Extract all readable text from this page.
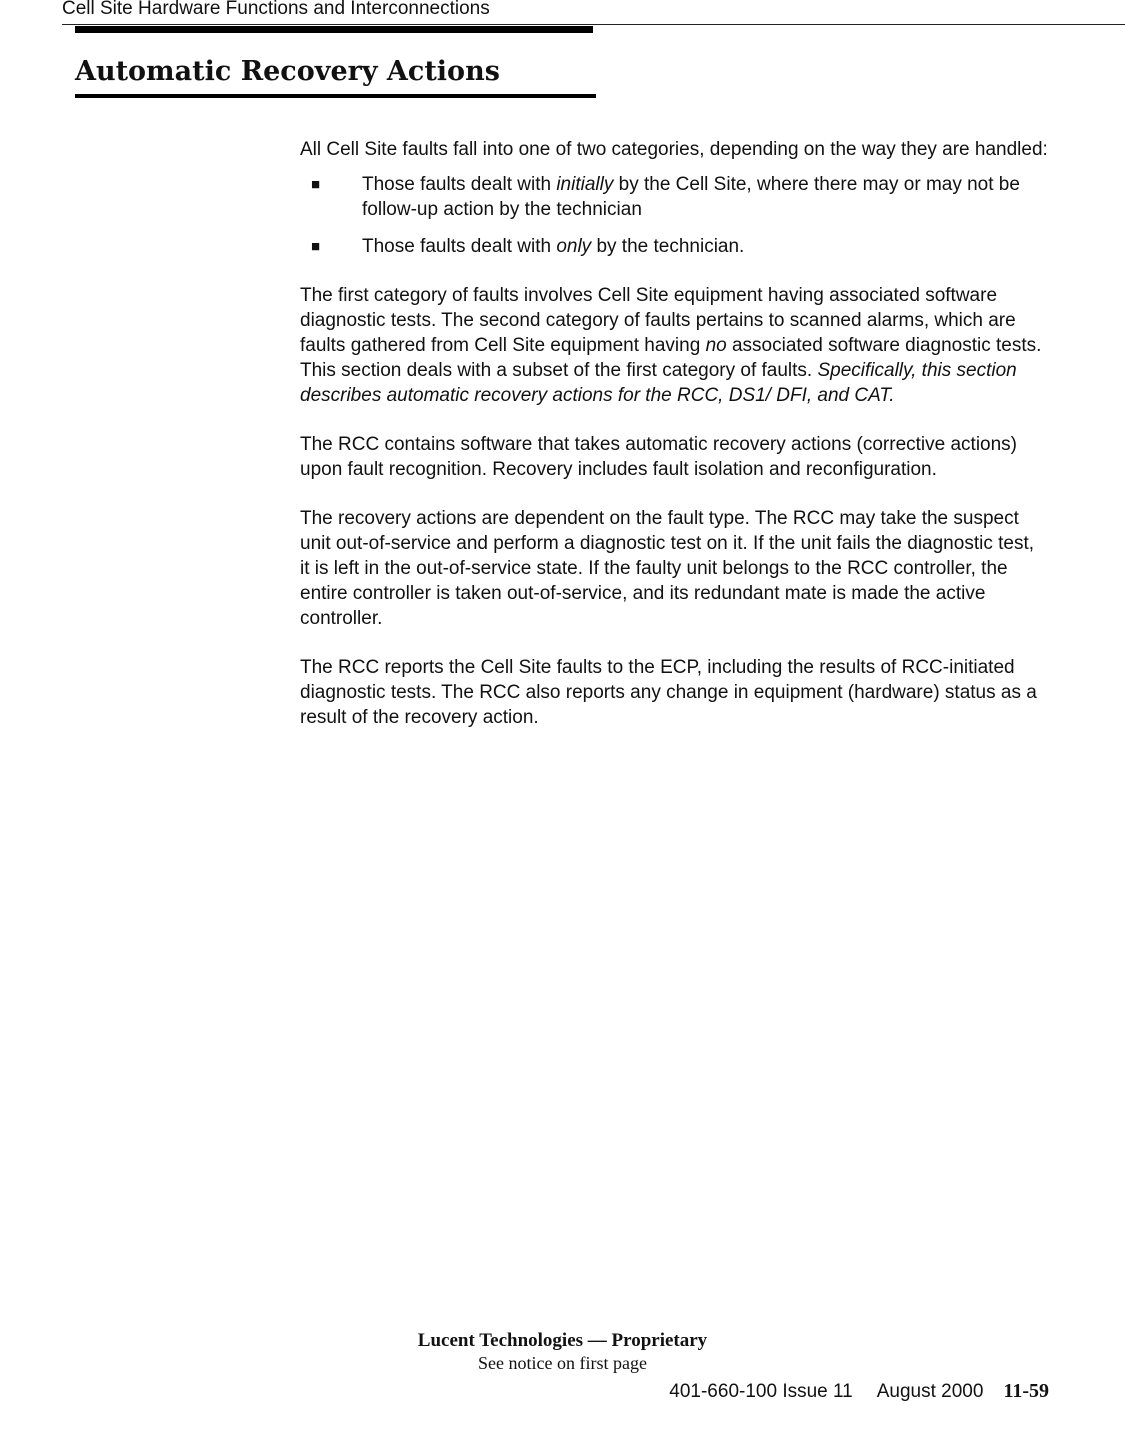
Cell Site Hardware Functions and Interconnections
Automatic Recovery Actions

All Cell Site faults fall into one of two categories, depending on the way they are handled:

■ Those faults dealt with initially by the Cell Site, where there may or may not be follow-up action by the technician
■ Those faults dealt with only by the technician.

The first category of faults involves Cell Site equipment having associated software diagnostic tests. The second category of faults pertains to scanned alarms, which are faults gathered from Cell Site equipment having no associated software diagnostic tests. This section deals with a subset of the first category of faults. Specifically, this section describes automatic recovery actions for the RCC, DS1/ DFI, and CAT.

The RCC contains software that takes automatic recovery actions (corrective actions) upon fault recognition. Recovery includes fault isolation and reconfiguration.

The recovery actions are dependent on the fault type. The RCC may take the suspect unit out-of-service and perform a diagnostic test on it. If the unit fails the diagnostic test, it is left in the out-of-service state. If the faulty unit belongs to the RCC controller, the entire controller is taken out-of-service, and its redundant mate is made the active controller.

The RCC reports the Cell Site faults to the ECP, including the results of RCC-initiated diagnostic tests. The RCC also reports any change in equipment (hardware) status as a result of the recovery action.

Lucent Technologies — Proprietary
See notice on first page
401-660-100 Issue 11 August 2000 11-59
